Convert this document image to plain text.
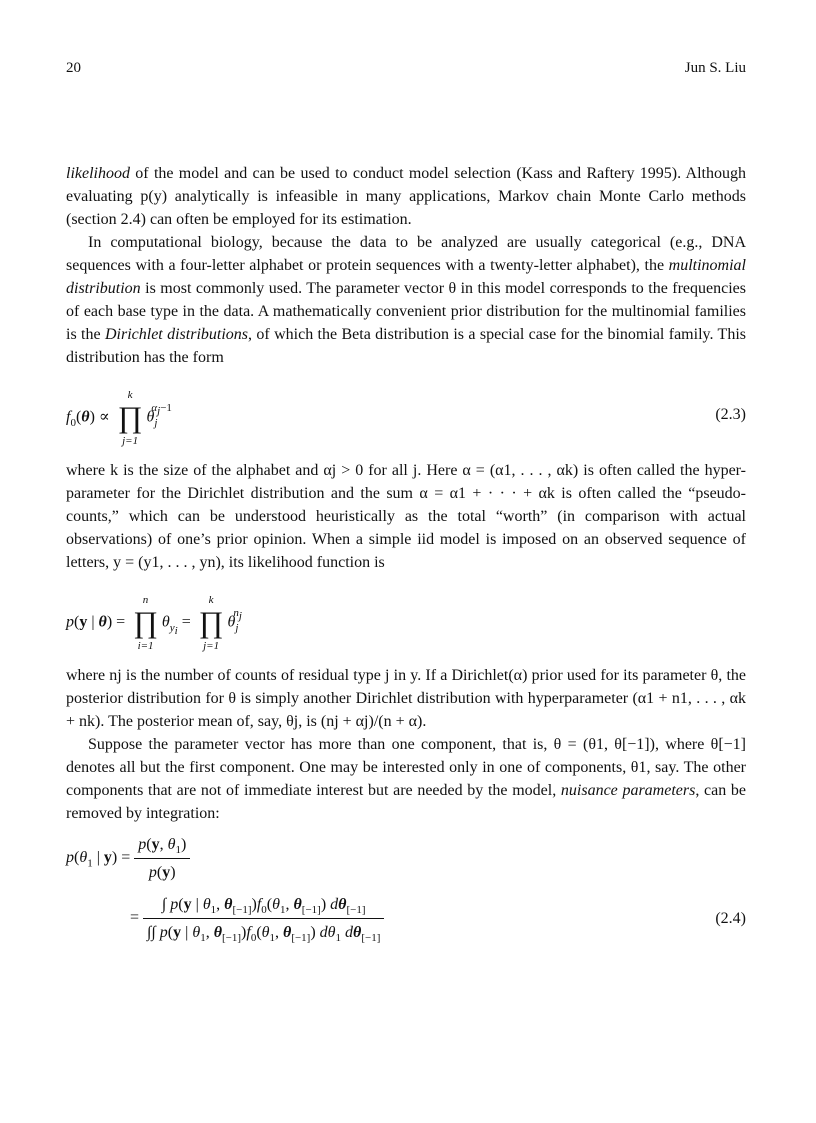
20	Jun S. Liu

likelihood of the model and can be used to conduct model selection (Kass and Raftery 1995). Although evaluating p(y) analytically is infeasible in many applications, Markov chain Monte Carlo methods (section 2.4) can often be employed for its estimation.

In computational biology, because the data to be analyzed are usually categorical (e.g., DNA sequences with a four-letter alphabet or protein sequences with a twenty-letter alphabet), the multinomial distribution is most commonly used. The parameter vector θ in this model corresponds to the frequencies of each base type in the data. A mathematically convenient prior distribution for the multinomial families is the Dirichlet distributions, of which the Beta distribution is a special case for the binomial family. This distribution has the form

$f_0(\theta)$ ∝
k
∏
j=1
$\theta_j^{\alpha_j-1}$	(2.3)

where k is the size of the alphabet and αj > 0 for all j. Here α = (α1, . . . , αk) is often called the hyper-parameter for the Dirichlet distribution and the sum α = α1 + · · · + αk is often called the “pseudo-counts,” which can be understood heuristically as the total “worth” (in comparison with actual observations) of one’s prior opinion. When a simple iid model is imposed on an observed sequence of letters, y = (y1, . . . , yn), its likelihood function is

p(y | θ) =
n
∏
i=1
$\theta_{y_i}$ =
k
∏
j=1
$\theta_j^{n_j}$

where nj is the number of counts of residual type j in y. If a Dirichlet(α) prior used for its parameter θ, the posterior distribution for θ is simply another Dirichlet distribution with hyperparameter (α1 + n1, . . . , αk + nk). The posterior mean of, say, θj, is (nj + αj)/(n + α).

Suppose the parameter vector has more than one component, that is, θ = (θ1, θ[−1]), where θ[−1] denotes all but the first component. One may be interested only in one of components, θ1, say. The other components that are not of immediate interest but are needed by the model, nuisance parameters, can be removed by integration:

$p(\theta_1$ | $y) = \frac{p(y, \theta_1)}{p(y)}$
= $\frac{\int p(y | \theta_1, \theta_{[-1]})f_0(\theta_1, \theta_{[-1]}) d\theta_{[-1]}}{\int\int p(y | \theta_1, \theta_{[-1]})f_0(\theta_1, \theta_{[-1]}) d\theta_1 d\theta_{[-1]}}$	(2.4)
